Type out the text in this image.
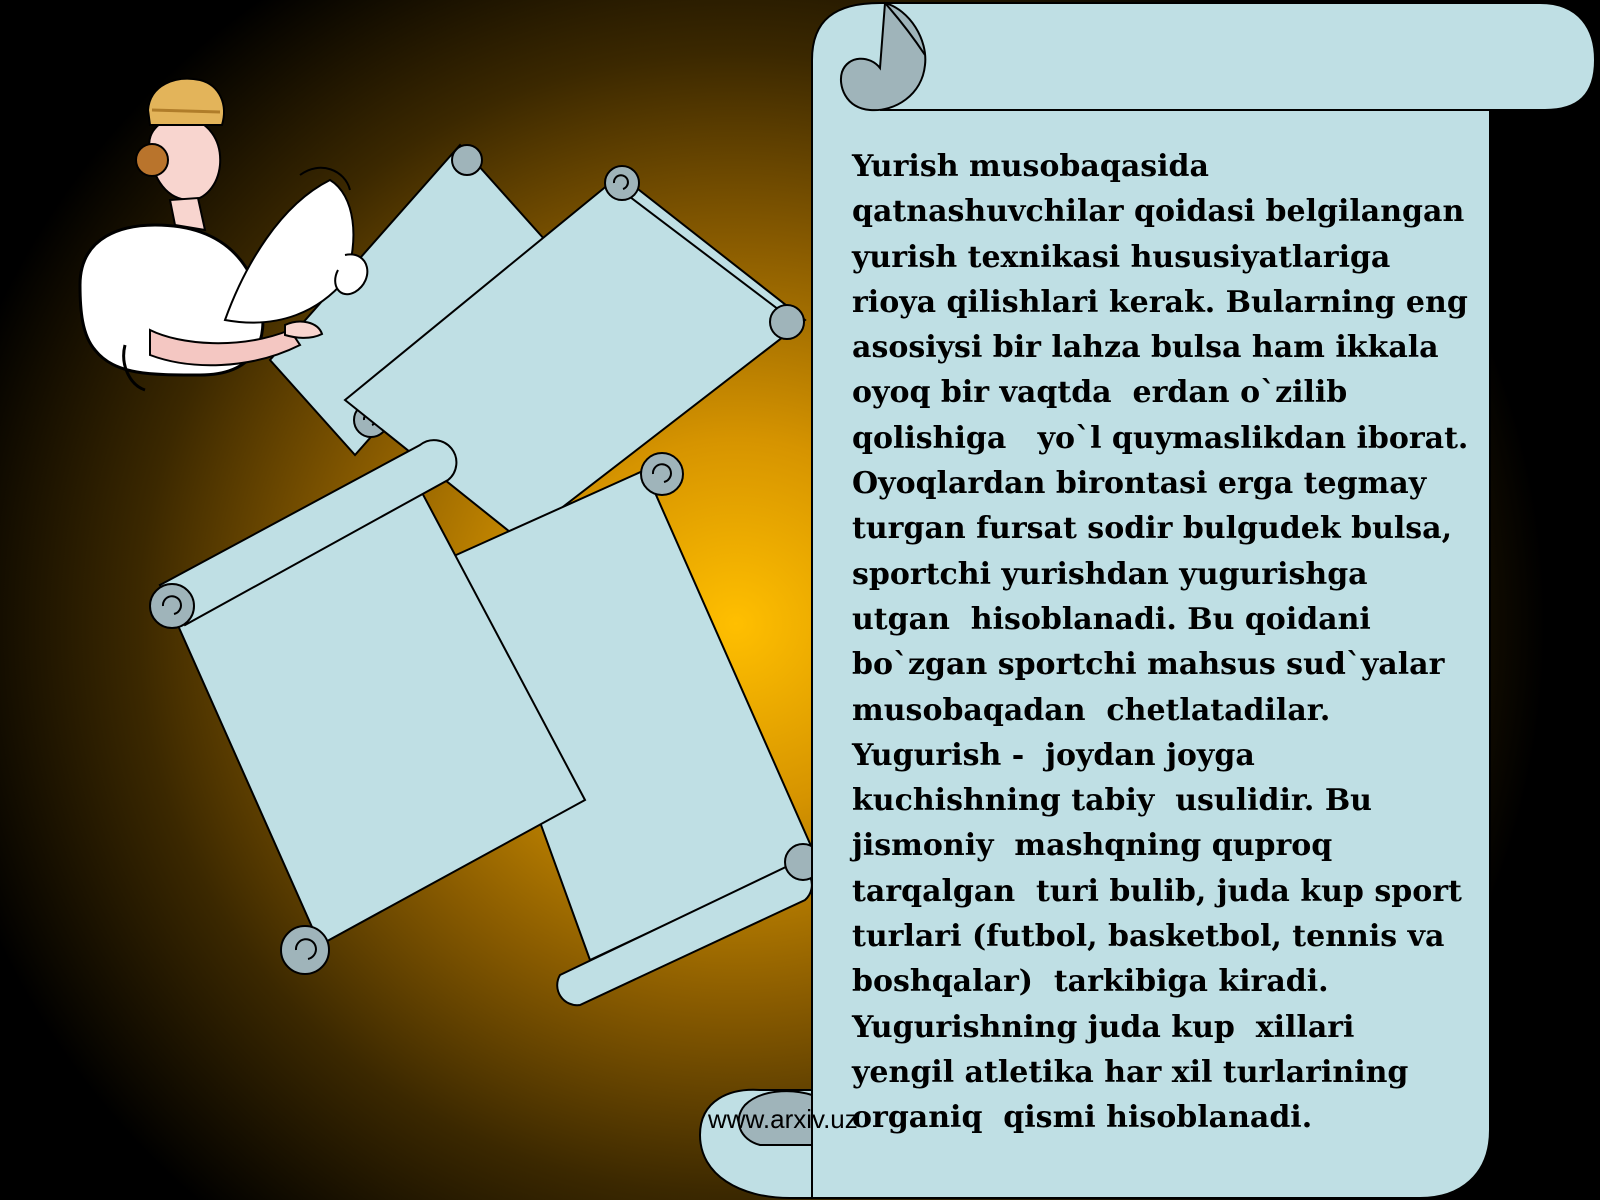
www.arxiv.uz
Yurish musobaqasida
qatnashuvchilar qoidasi belgilangan
yurish texnikasi hususiyatlariga
rioya qilishlari kerak. Bularning eng
asosiysi bir lahza bulsa ham ikkala
oyoq bir vaqtda  erdan o`zilib
qolishiga   yo`l quymaslikdan iborat.
Oyoqlardan birontasi erga tegmay
turgan fursat sodir bulgudek bulsa,
sportchi yurishdan yugurishga
utgan  hisoblanadi. Bu qoidani
bo`zgan sportchi mahsus sud`yalar
musobaqadan  chetlatadilar.
Yugurish -  joydan joyga
kuchishning tabiy  usulidir. Bu
jismoniy  mashqning quproq
tarqalgan  turi bulib, juda kup sport
turlari (futbol, basketbol, tennis va
boshqalar)  tarkibiga kiradi.
Yugurishning juda kup  xillari
yengil atletika har xil turlarining
organiq  qismi hisoblanadi.
